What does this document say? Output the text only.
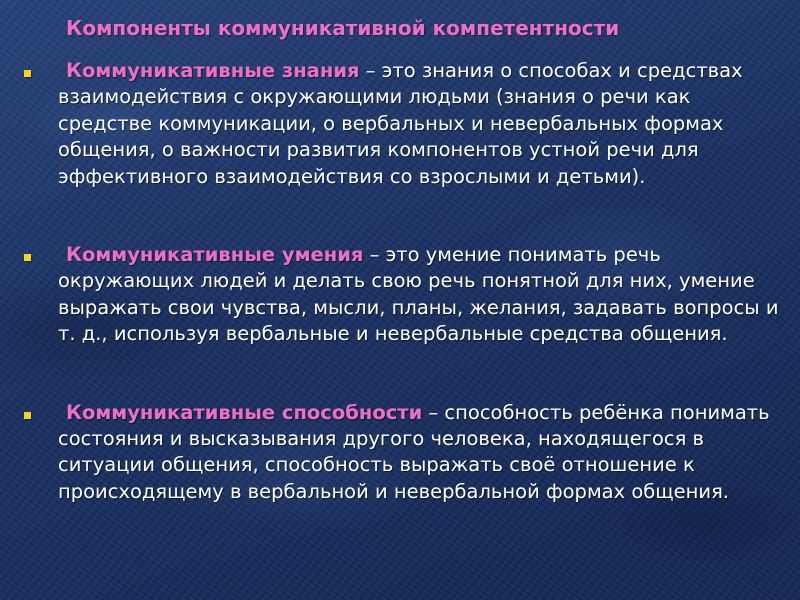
Компоненты коммуникативной компетентности
Коммуникативные знания – это знания о способах и средствах взаимодействия с окружающими людьми (знания о речи как средстве коммуникации, о вербальных и невербальных формах общения, о важности развития компонентов устной речи для эффективного взаимодействия со взрослыми и детьми).
Коммуникативные умения – это умение понимать речь окружающих людей и делать свою речь понятной для них, умение выражать свои чувства, мысли, планы, желания, задавать вопросы и т. д., используя вербальные и невербальные средства общения.
Коммуникативные способности – способность ребёнка понимать состояния и высказывания другого человека, находящегося в ситуации общения, способность выражать своё отношение к происходящему в вербальной и невербальной формах общения.
